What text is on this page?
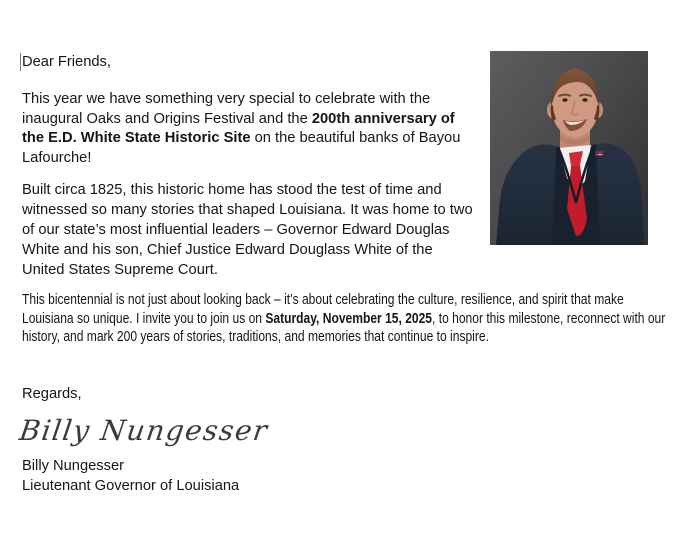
Dear Friends,

This year we have something very special to celebrate with the inaugural Oaks and Origins Festival and the 200th anniversary of the E.D. White State Historic Site on the beautiful banks of Bayou Lafourche!

Built circa 1825, this historic home has stood the test of time and witnessed so many stories that shaped Louisiana. It was home to two of our state’s most influential leaders – Governor Edward Douglas White and his son, Chief Justice Edward Douglass White of the United States Supreme Court.

This bicentennial is not just about looking back – it’s about celebrating the culture, resilience, and spirit that make Louisiana so unique. I invite you to join us on Saturday, November 15, 2025, to honor this milestone, reconnect with our history, and mark 200 years of stories, traditions, and memories that continue to inspire.

Regards,

Billy Nungesser
Billy Nungesser
Lieutenant Governor of Louisiana
